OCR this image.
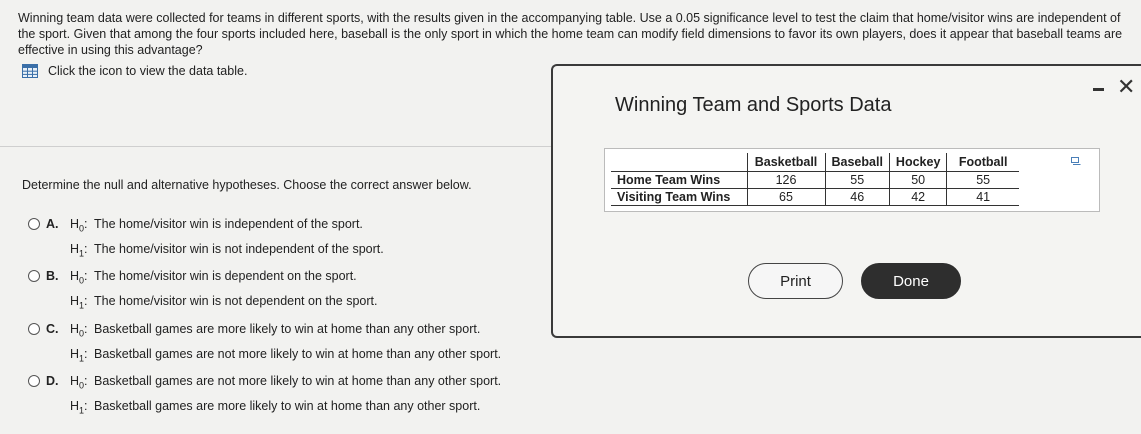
Winning team data were collected for teams in different sports, with the results given in the accompanying table. Use a 0.05 significance level to test the claim that home/visitor wins are independent of the sport. Given that among the four sports included here, baseball is the only sport in which the home team can modify field dimensions to favor its own players, does it appear that baseball teams are effective in using this advantage?
Click the icon to view the data table.
Determine the null and alternative hypotheses. Choose the correct answer below.
A. $H_0$: The home/visitor win is independent of the sport.
$H_1$: The home/visitor win is not independent of the sport.
B. $H_0$: The home/visitor win is dependent on the sport.
$H_1$: The home/visitor win is not dependent on the sport.
C. $H_0$: Basketball games are more likely to win at home than any other sport.
$H_1$: Basketball games are not more likely to win at home than any other sport.
D. $H_0$: Basketball games are not more likely to win at home than any other sport.
$H_1$: Basketball games are more likely to win at home than any other sport.
Winning Team and Sports Data
✕
	Basketball	Baseball	Hockey	Football
Home Team Wins	126	55	50	55
Visiting Team Wins	65	46	42	41
Print	Done
